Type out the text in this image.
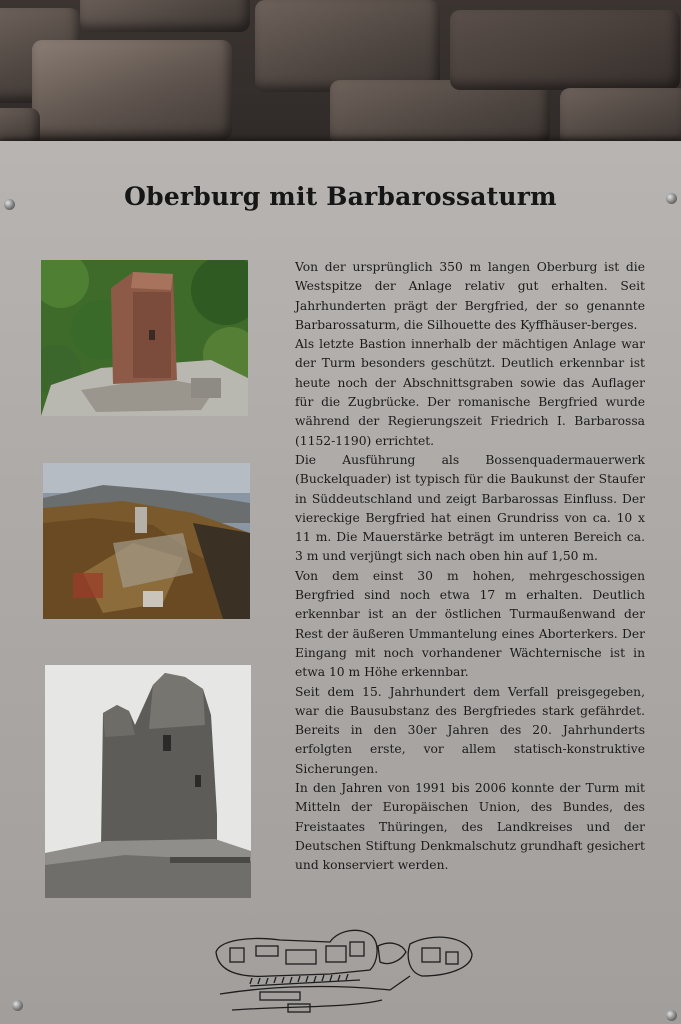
Oberburg mit Barbarossaturm

Von der ursprünglich 350 m langen Oberburg ist die Westspitze der Anlage relativ gut erhalten. Seit Jahrhunderten prägt der Bergfried, der so genannte Barbarossaturm, die Silhouette des Kyffhäuser-berges.

Als letzte Bastion innerhalb der mächtigen Anlage war der Turm besonders geschützt. Deutlich erkennbar ist heute noch der Abschnittsgraben sowie das Auflager für die Zugbrücke. Der romanische Bergfried wurde während der Regierungszeit Friedrich I. Barbarossa (1152-1190) errichtet.

Die Ausführung als Bossenquadermauerwerk (Buckelquader) ist typisch für die Baukunst der Staufer in Süddeutschland und zeigt Barbarossas Einfluss. Der viereckige Bergfried hat einen Grundriss von ca. 10 x 11 m. Die Mauerstärke beträgt im unteren Bereich ca. 3 m und verjüngt sich nach oben hin auf 1,50 m.

Von dem einst 30 m hohen, mehrgeschossigen Bergfried sind noch etwa 17 m erhalten. Deutlich erkennbar ist an der östlichen Turmaußenwand der Rest der äußeren Ummantelung eines Aborterkers. Der Eingang mit noch vorhandener Wächternische ist in etwa 10 m Höhe erkennbar.

Seit dem 15. Jahrhundert dem Verfall preisgegeben, war die Bausubstanz des Bergfriedes stark gefährdet. Bereits in den 30er Jahren des 20. Jahrhunderts erfolgten erste, vor allem statisch-konstruktive Sicherungen.

In den Jahren von 1991 bis 2006 konnte der Turm mit Mitteln der Europäischen Union, des Bundes, des Freistaates Thüringen, des Landkreises und der Deutschen Stiftung Denkmalschutz grundhaft gesichert und konserviert werden.
